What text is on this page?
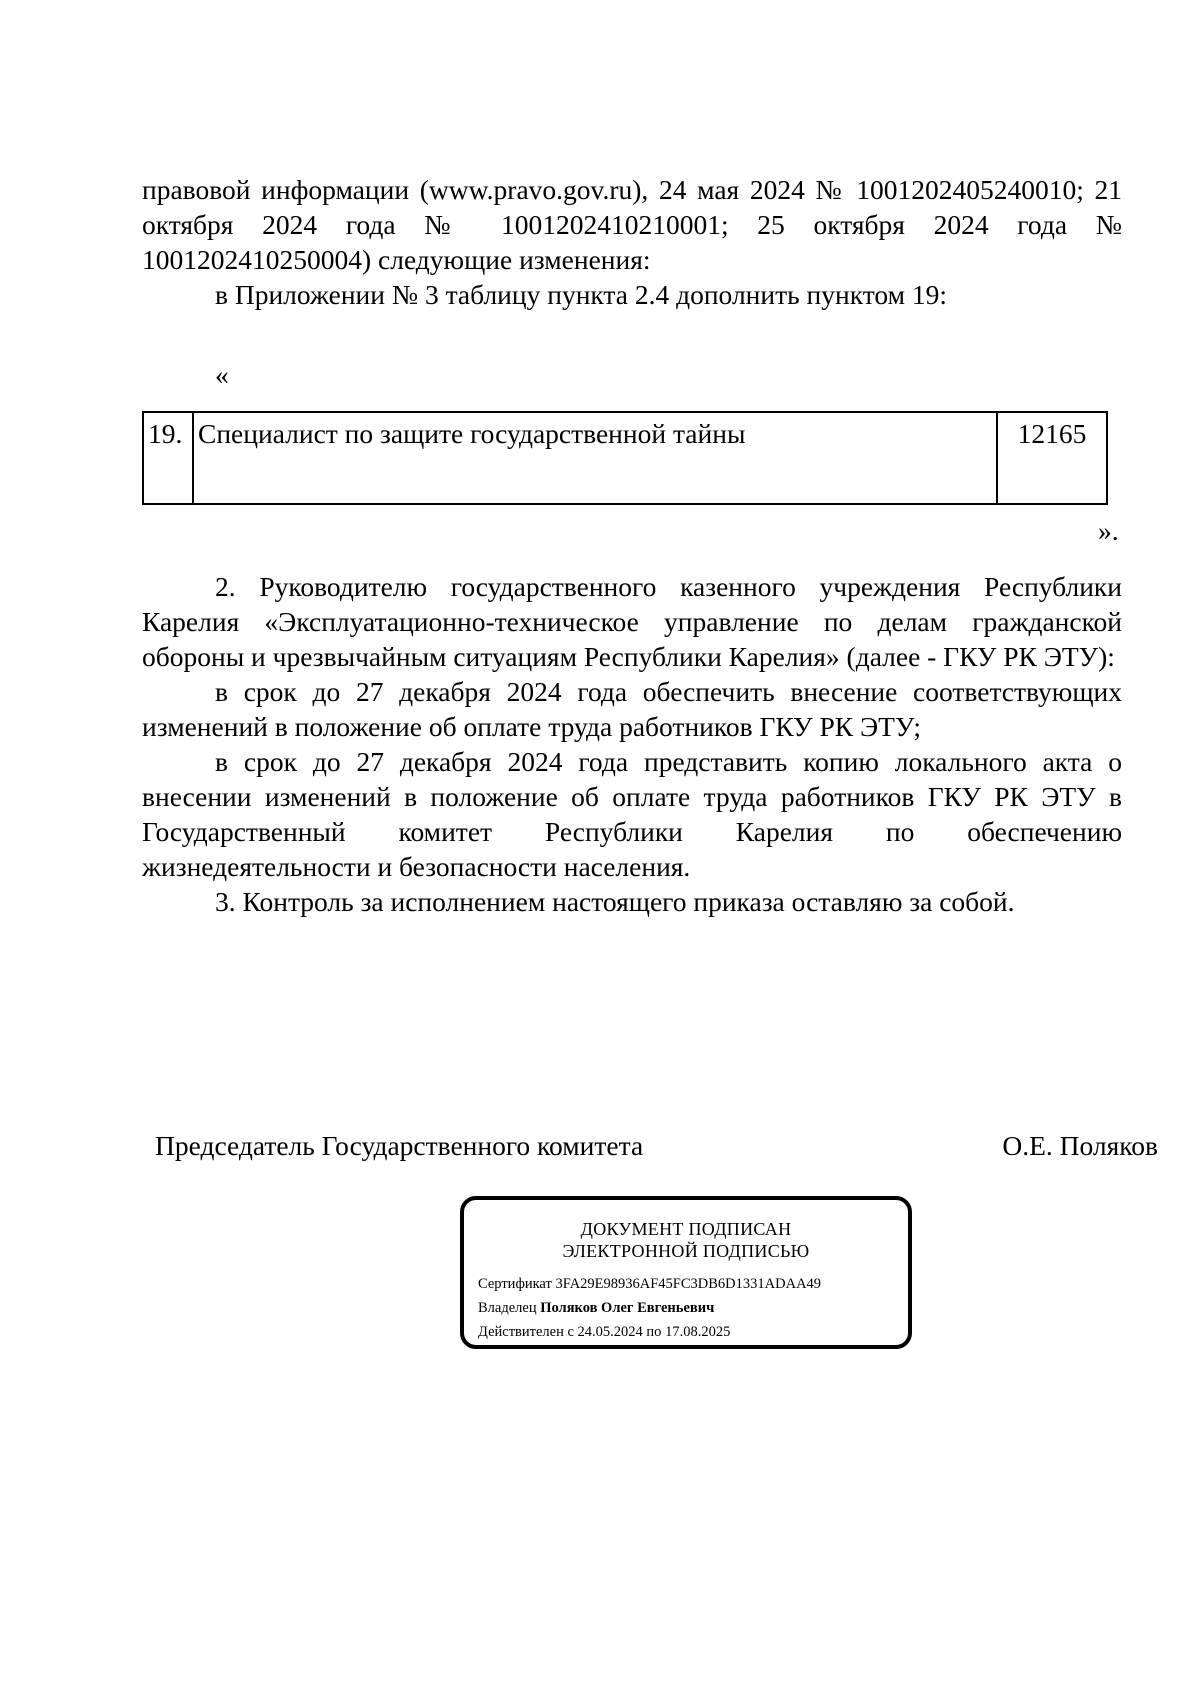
правовой информации (www.pravo.gov.ru), 24 мая 2024 № 1001202405240010; 21
октября 2024 года № 1001202410210001; 25 октября 2024 года №
1001202410250004) следующие изменения:
в Приложении № 3 таблицу пункта 2.4 дополнить пунктом 19:
«
19.	Специалист по защите государственной тайны	12165
».
2. Руководителю государственного казенного учреждения Республики
Карелия «Эксплуатационно-техническое управление по делам гражданской
обороны и чрезвычайным ситуациям Республики Карелия» (далее - ГКУ РК ЭТУ):
в срок до 27 декабря 2024 года обеспечить внесение соответствующих
изменений в положение об оплате труда работников ГКУ РК ЭТУ;
в срок до 27 декабря 2024 года представить копию локального акта о
внесении изменений в положение об оплате труда работников ГКУ РК ЭТУ в
Государственный комитет Республики Карелия по обеспечению
жизнедеятельности и безопасности населения.
3. Контроль за исполнением настоящего приказа оставляю за собой.
Председатель Государственного комитета	О.Е. Поляков
ДОКУМЕНТ ПОДПИСАН
ЭЛЕКТРОННОЙ ПОДПИСЬЮ
Сертификат 3FA29E98936AF45FC3DB6D1331ADAA49
Владелец Поляков Олег Евгеньевич
Действителен с 24.05.2024 по 17.08.2025
